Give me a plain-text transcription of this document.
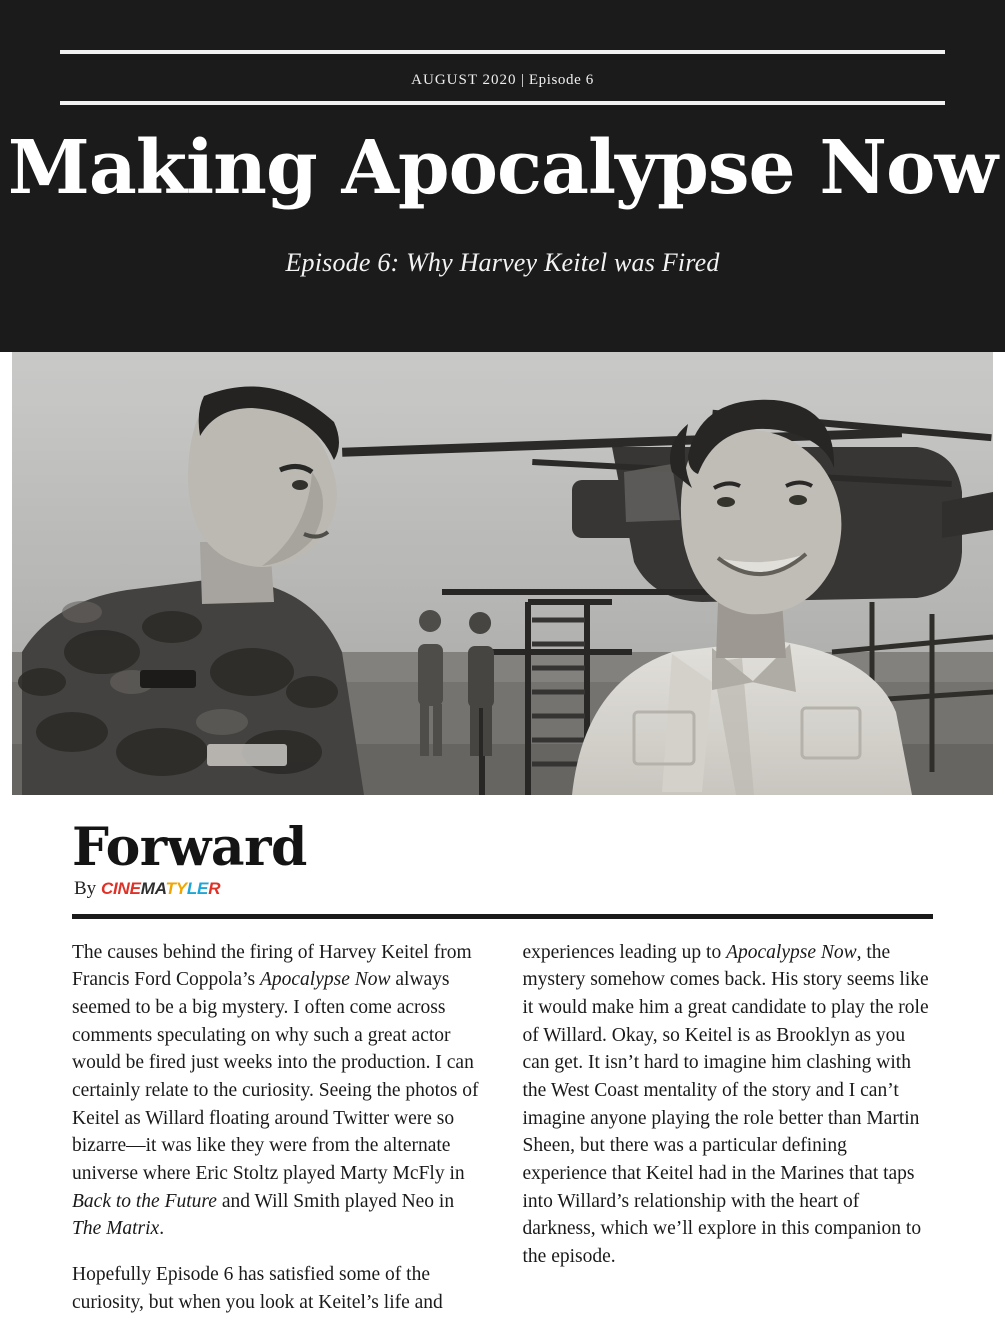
AUGUST 2020 | Episode 6
Making Apocalypse Now
Episode 6: Why Harvey Keitel was Fired
Forward
By CINEMATYLER

The causes behind the firing of Harvey Keitel from Francis Ford Coppola’s Apocalypse Now always seemed to be a big mystery. I often come across comments speculating on why such a great actor would be fired just weeks into the production. I can certainly relate to the curiosity. Seeing the photos of Keitel as Willard floating around Twitter were so bizarre—it was like they were from the alternate universe where Eric Stoltz played Marty McFly in Back to the Future and Will Smith played Neo in The Matrix.

Hopefully Episode 6 has satisfied some of the curiosity, but when you look at Keitel’s life and

experiences leading up to Apocalypse Now, the mystery somehow comes back. His story seems like it would make him a great candidate to play the role of Willard. Okay, so Keitel is as Brooklyn as you can get. It isn’t hard to imagine him clashing with the West Coast mentality of the story and I can’t imagine anyone playing the role better than Martin Sheen, but there was a particular defining experience that Keitel had in the Marines that taps into Willard’s relationship with the heart of darkness, which we’ll explore in this companion to the episode.
